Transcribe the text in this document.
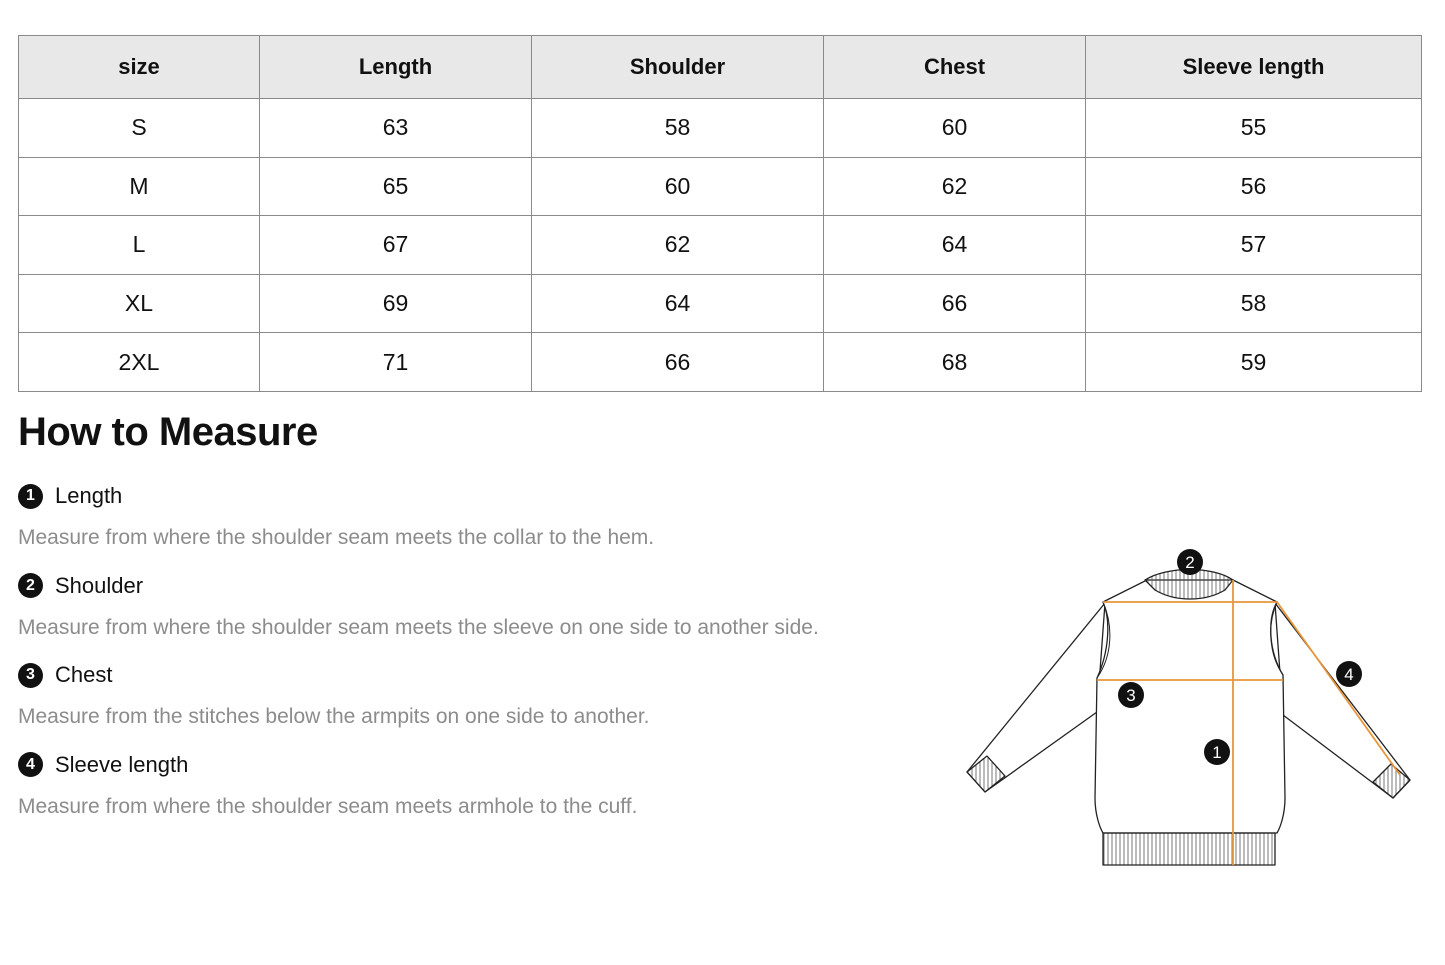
size	Length	Shoulder	Chest	Sleeve length
S	63	58	60	55
M	65	60	62	56
L	67	62	64	57
XL	69	64	66	58
2XL	71	66	68	59
How to Measure
1 Length
Measure from where the shoulder seam meets the collar to the hem.
2 Shoulder
Measure from where the shoulder seam meets the sleeve on one side to another side.
3 Chest
Measure from the stitches below the armpits on one side to another.
4 Sleeve length
Measure from where the shoulder seam meets armhole to the cuff.
2
3
1
4
